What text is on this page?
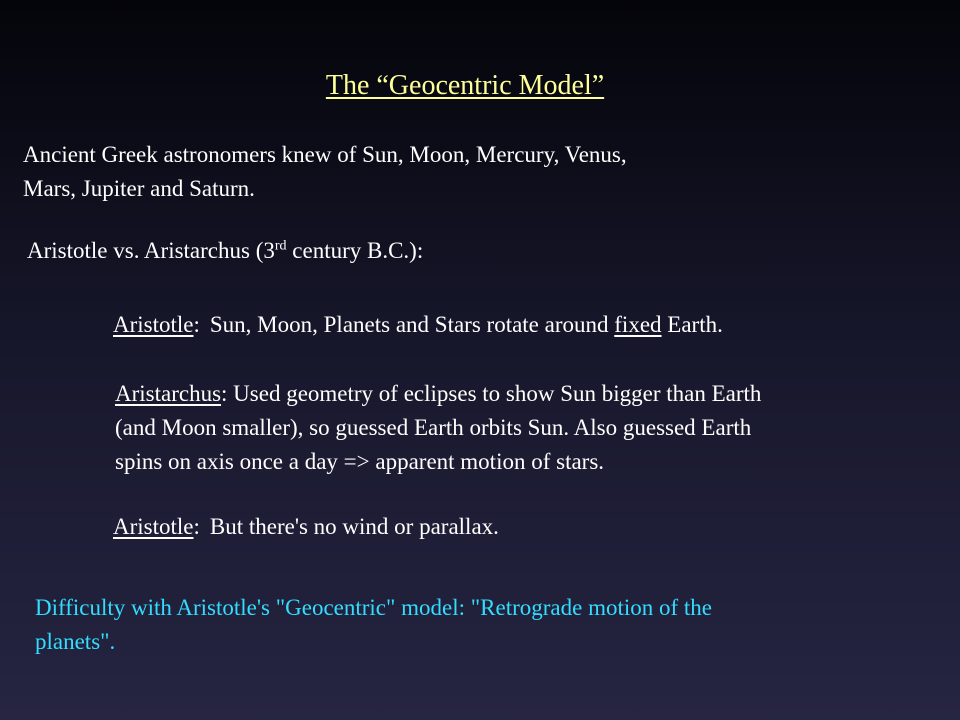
The “Geocentric Model”
Ancient Greek astronomers knew of Sun, Moon, Mercury, Venus,
Mars, Jupiter and Saturn.
Aristotle vs. Aristarchus (3rd century B.C.):
Aristotle: Sun, Moon, Planets and Stars rotate around fixed Earth.
Aristarchus: Used geometry of eclipses to show Sun bigger than Earth
(and Moon smaller), so guessed Earth orbits Sun. Also guessed Earth
spins on axis once a day => apparent motion of stars.
Aristotle: But there's no wind or parallax.
Difficulty with Aristotle's "Geocentric" model: "Retrograde motion of the
planets".
